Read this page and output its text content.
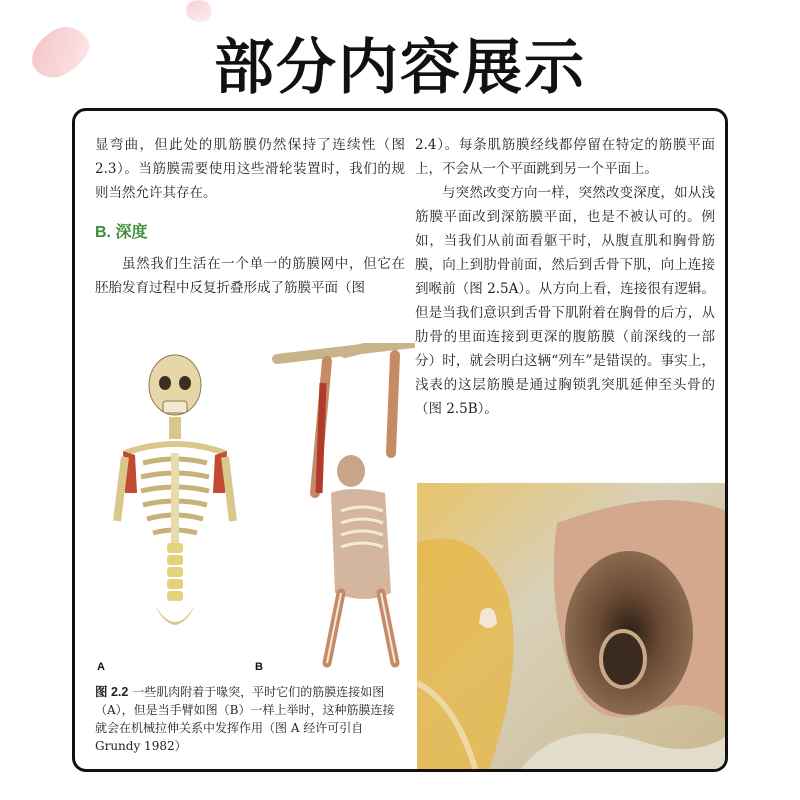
部分内容展示

显弯曲，但此处的肌筋膜仍然保持了连续性（图 2.3）。当筋膜需要使用这些滑轮装置时，我们的规则当然允许其存在。

B. 深度

虽然我们生活在一个单一的筋膜网中，但它在胚胎发育过程中反复折叠形成了筋膜平面（图

2.4）。每条肌筋膜经线都停留在特定的筋膜平面上，不会从一个平面跳到另一个平面上。

与突然改变方向一样，突然改变深度，如从浅筋膜平面改到深筋膜平面，也是不被认可的。例如，当我们从前面看躯干时，从腹直肌和胸骨筋膜，向上到肋骨前面，然后到舌骨下肌，向上连接到喉前（图 2.5A）。从方向上看，连接很有逻辑。但是当我们意识到舌骨下肌附着在胸骨的后方，从肋骨的里面连接到更深的腹筋膜（前深线的一部分）时，就会明白这辆“列车”是错误的。事实上，浅表的这层筋膜是通过胸锁乳突肌延伸至头骨的（图 2.5B）。

A	B
图 2.2 一些肌肉附着于喙突，平时它们的筋膜连接如图（A），但是当手臂如图（B）一样上举时，这种筋膜连接就会在机械拉伸关系中发挥作用（图 A 经许可引自 Grundy 1982）
